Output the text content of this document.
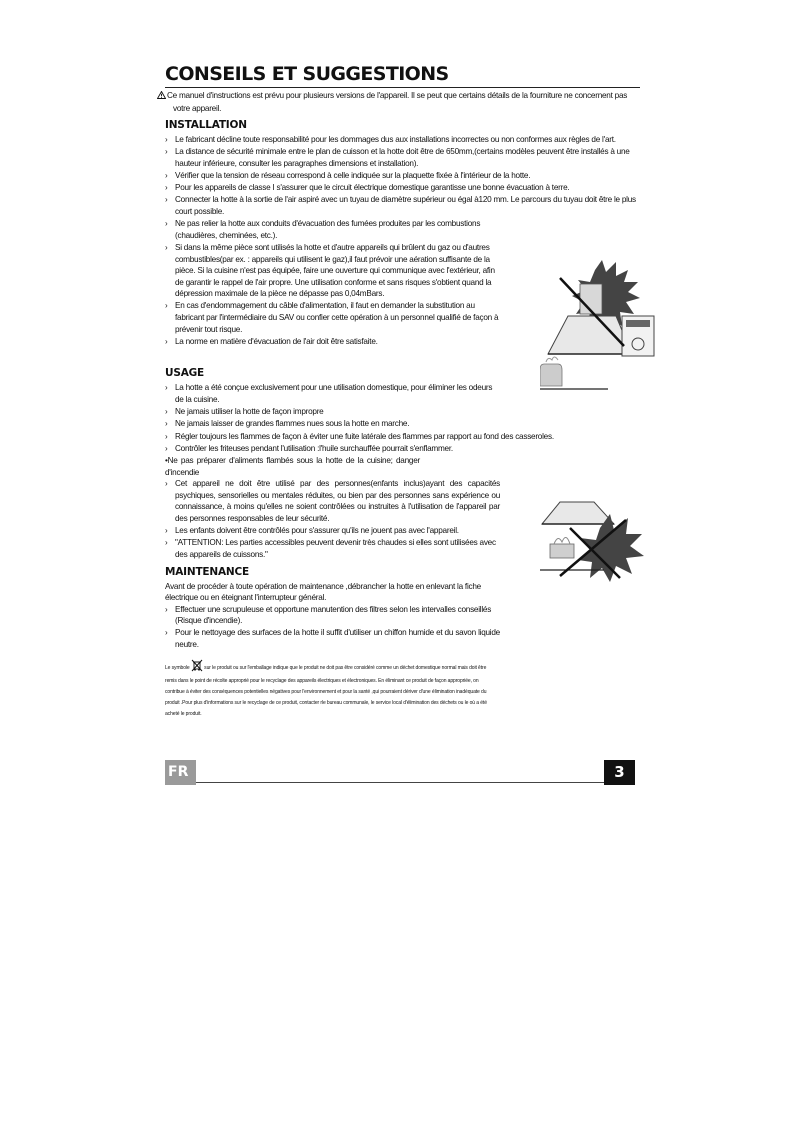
CONSEILS ET SUGGESTIONS
Ce manuel d'instructions est prévu pour plusieurs versions de l'appareil. Il se peut que certains détails de la fourniture ne concernent pas votre appareil.
INSTALLATION
› Le fabricant décline toute responsabilité pour les dommages dus aux installations incorrectes ou non conformes aux règles de l'art.
› La distance de sécurité minimale entre le plan de cuisson et la hotte doit être de 650mm,(certains modèles peuvent être installés à une hauteur inférieure, consulter les paragraphes dimensions et installation).
› Vérifier que la tension de réseau correspond à celle indiquée sur la plaquette fixée à l'intérieur de la hotte.
› Pour les appareils de classe I s'assurer que le circuit électrique domestique garantisse une bonne évacuation à terre.
› Connecter la hotte à la sortie de l'air aspiré avec un tuyau de diamètre supérieur ou égal à120 mm. Le parcours du tuyau doit être le plus court possible.
› Ne pas relier la hotte aux conduits d'évacuation des fumées produites par les combustions (chaudières, cheminées, etc.).
› Si dans la même pièce sont utilisés la hotte et d'autre appareils qui brûlent du gaz ou d'autres combustibles(par ex. : appareils qui utilisent le gaz),il faut prévoir une aération suffisante de la pièce. Si la cuisine n'est pas équipée, faire une ouverture qui communique avec l'extérieur, afin de garantir le rappel de l'air propre. Une utilisation conforme et sans risques s'obtient quand la dépression maximale de la pièce ne dépasse pas 0,04mBars.
› En cas d'endommagement du câble d'alimentation, il faut en demander la substitution au fabricant par l'intermédiaire du SAV ou confier cette opération à un personnel qualifié de façon à prévenir tout risque.
› La norme en matière d'évacuation de l'air doit être satisfaite.
USAGE
› La hotte a été conçue exclusivement pour une utilisation domestique, pour éliminer les odeurs de la cuisine.
› Ne jamais utiliser la hotte de façon impropre
› Ne jamais laisser de grandes flammes nues sous la hotte en marche.
› Régler toujours les flammes de façon à éviter une fuite latérale des flammes par rapport au fond des casseroles.
› Contrôler les friteuses pendant l'utilisation :l'huile surchauffée pourrait s'enflammer.
•Ne pas préparer d'aliments flambés sous la hotte de la cuisine; danger d'incendie
› Cet appareil ne doit être utilisé par des personnes(enfants inclus)ayant des capacités psychiques, sensorielles ou mentales réduites, ou bien par des personnes sans expérience ou connaissance, à moins qu'elles ne soient contrôlées ou instruites à l'utilisation de l'appareil par des personnes responsables de leur sécurité.
› Les enfants doivent être contrôlés pour s'assurer qu'ils ne jouent pas avec l'appareil.
› "ATTENTION: Les parties accessibles peuvent devenir très chaudes si elles sont utilisées avec des appareils de cuissons."
MAINTENANCE
Avant de procéder à toute opération de maintenance ,débrancher la hotte en enlevant la fiche électrique ou en éteignant l'interrupteur général.
› Effectuer une scrupuleuse et opportune manutention des filtres selon les intervalles conseillés (Risque d'incendie).
› Pour le nettoyage des surfaces de la hotte il suffit d'utiliser un chiffon humide et du savon liquide neutre.
Le symbole	sur le produit ou sur l'emballage indique que le produit ne doit pas être considéré comme un déchet domestique normal mais doit être remis dans le point de récolte approprié pour le recyclage des appareils électriques et électroniques. En éliminant ce produit de façon appropriée, on contribue à éviter des conséquences potentielles négatives pour l'environnement et pour la santé ,qui pourraient dériver d'une élimination inadéquate du produit .Pour plus d'informations sur le recyclage de ce produit, contacter rle bureau communale, le service local d'élimination des déchets ou le où a été acheté le produit.
FR	3
